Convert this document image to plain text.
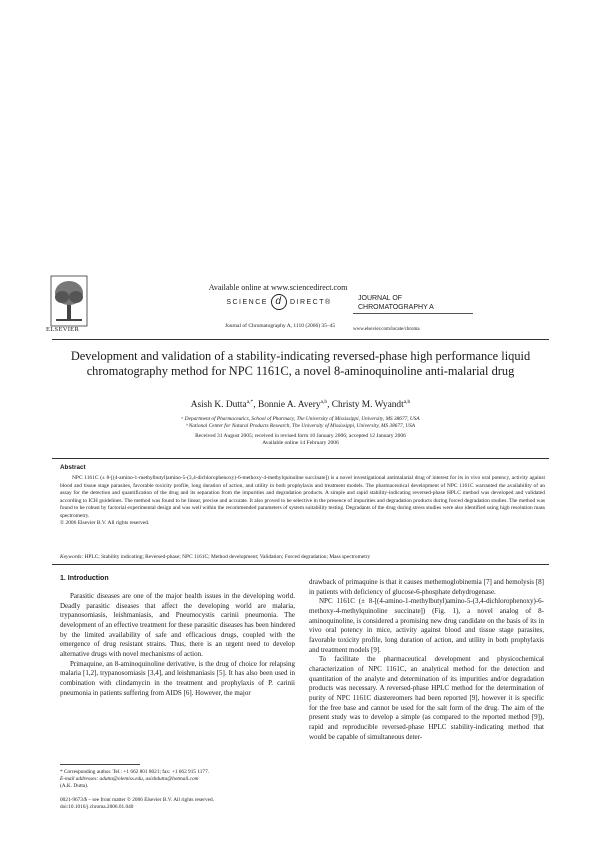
ELSEVIER
Available online at www.sciencedirect.com
SCIENCE d DIRECT®
Journal of Chromatography A, 1110 (2006) 35–45
JOURNAL OF
CHROMATOGRAPHY A
www.elsevier.com/locate/chroma
Development and validation of a stability-indicating reversed-phase high performance liquid chromatography method for NPC 1161C, a novel 8-aminoquinoline anti-malarial drug
Asish K. Dutta$^{a,*}$, Bonnie A. Avery$^{a,b}$, Christy M. Wyandt$^{a,b}$
ᵃ Department of Pharmaceutics, School of Pharmacy, The University of Mississippi, University, MS 38677, USA
ᵇ National Center for Natural Products Research, The University of Mississippi, University, MS 38677, USA
Received 31 August 2005; received in revised form 10 January 2006; accepted 12 January 2006
Available online 14 February 2006
Abstract

NPC 1161C (± 8-[(4-amino-1-methylbutyl)amino-5-(3,4-dichlorophenoxy)-6-methoxy-4-methylquinoline succinate]) is a novel investigational antimalarial drug of interest for its in vivo oral potency, activity against blood and tissue stage parasites, favorable toxicity profile, long duration of action, and utility in both prophylaxis and treatment models. The pharmaceutical development of NPC 1161C warranted the availability of an assay for the detection and quantification of the drug and its separation from the impurities and degradation products. A simple and rapid stability-indicating reversed-phase HPLC method was developed and validated according to ICH guidelines. The method was found to be linear, precise and accurate. It also proved to be selective in the presence of impurities and degradation products during forced degradation studies. The method was found to be robust by factorial experimental design and was well within the recommended parameters of system suitability testing. Degradants of the drug during stress studies were also identified using high resolution mass spectrometry.

© 2006 Elsevier B.V. All rights reserved.
Keywords: HPLC; Stability indicating; Reversed-phase; NPC 1161C; Method development; Validation; Forced degradation; Mass spectrometry
1. Introduction

Parasitic diseases are one of the major health issues in the developing world. Deadly parasitic diseases that affect the developing world are malaria, trypanosomiasis, leishmaniasis, and Pneumocystis carinii pneumonia. The development of an effective treatment for these parasitic diseases has been hindered by the limited availability of safe and efficacious drugs, coupled with the emergence of drug resistant strains. Thus, there is an urgent need to develop alternative drugs with novel mechanisms of action.

Primaquine, an 8-aminoquinoline derivative, is the drug of choice for relapsing malaria [1,2], trypanosomiasis [3,4], and leishmaniasis [5]. It has also been used in combination with clindamycin in the treatment and prophylaxis of P. carinii pneumonia in patients suffering from AIDS [6]. However, the major

drawback of primaquine is that it causes methemoglobinemia [7] and hemolysis [8] in patients with deficiency of glucose-6-phosphate dehydrogenase.

NPC 1161C (± 8-[(4-amino-1-methylbutyl)amino-5-(3,4-dichlorophenoxy)-6-methoxy-4-methylquinoline succinate]) (Fig. 1), a novel analog of 8-aminoquinoline, is considered a promising new drug candidate on the basis of its in vivo oral potency in mice, activity against blood and tissue stage parasites, favorable toxicity profile, long duration of action, and utility in both prophylaxis and treatment models [9].

To facilitate the pharmaceutical development and physicochemical characterization of NPC 1161C, an analytical method for the detection and quantitation of the analyte and determination of its impurities and/or degradation products was necessary. A reversed-phase HPLC method for the determination of purity of NPC 1161C diastereomers had been reported [9], however it is specific for the free base and cannot be used for the salt form of the drug. The aim of the present study was to develop a simple (as compared to the reported method [9]), rapid and reproducible reversed-phase HPLC stability-indicating method that would be capable of simultaneous deter-

* Corresponding author. Tel.: +1 662 801 8021; fax: +1 662 915 1177.
E-mail addresses: adutta@olemiss.edu, asishdutta@hotmail.com
(A.K. Dutta).
0021-9673/$ – see front matter © 2006 Elsevier B.V. All rights reserved.
doi:10.1016/j.chroma.2006.01.040
